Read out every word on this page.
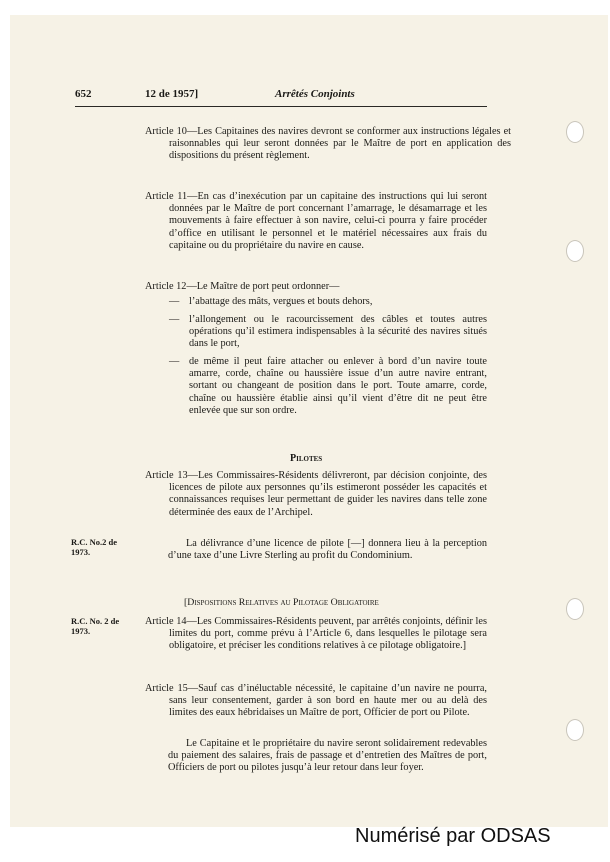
652	12 de 1957]	Arrêtés Conjoints
Article 10—Les Capitaines des navires devront se conformer aux instructions légales et raisonnables qui leur seront données par le Maître de port en application des dispositions du présent règlement.
Article 11—En cas d’inexécution par un capitaine des instructions qui lui seront données par le Maître de port concernant l’amarrage, le désamarrage et les mouvements à faire effectuer à son navire, celui-ci pourra y faire procéder d’office en utilisant le personnel et le matériel nécessaires aux frais du capitaine ou du propriétaire du navire en cause.
Article 12—Le Maître de port peut ordonner—
— l’abattage des mâts, vergues et bouts dehors,
— l’allongement ou le racourcissement des câbles et toutes autres opérations qu’il estimera indispensables à la sécurité des navires situés dans le port,
— de même il peut faire attacher ou enlever à bord d’un navire toute amarre, corde, chaîne ou haussière issue d’un autre navire entrant, sortant ou changeant de position dans le port. Toute amarre, corde, chaîne ou haussière établie ainsi qu’il vient d’être dit ne peut être enlevée que sur son ordre.
Pilotes
Article 13—Les Commissaires-Résidents délivreront, par décision conjointe, des licences de pilote aux personnes qu’ils estimeront posséder les capacités et connaissances requises leur permettant de guider les navires dans telle zone déterminée des eaux de l’Archipel.
R.C. No.2 de 1973.
La délivrance d’une licence de pilote [—] donnera lieu à la perception d’une taxe d’une Livre Sterling au profit du Condominium.
[Dispositions Relatives au Pilotage Obligatoire
R.C. No. 2 de 1973.
Article 14—Les Commissaires-Résidents peuvent, par arrêtés conjoints, définir les limites du port, comme prévu à l’Article 6, dans lesquelles le pilotage sera obligatoire, et préciser les conditions relatives à ce pilotage obligatoire.]
Article 15—Sauf cas d’inéluctable nécessité, le capitaine d’un navire ne pourra, sans leur consentement, garder à son bord en haute mer ou au delà des limites des eaux hébridaises un Maître de port, Officier de port ou Pilote.
Le Capitaine et le propriétaire du navire seront solidairement redevables du paiement des salaires, frais de passage et d’entretien des Maîtres de port, Officiers de port ou pilotes jusqu’à leur retour dans leur foyer.
Numérisé par ODSAS
